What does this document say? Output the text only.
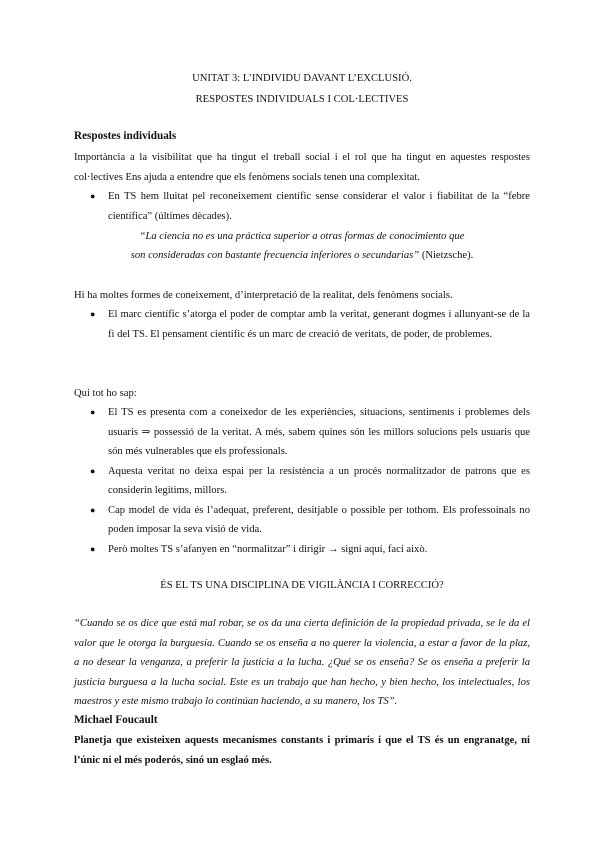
UNITAT 3: L’INDIVIDU DAVANT L’EXCLUSIÓ.

RESPOSTES INDIVIDUALS I COL·LECTIVES

Respostes individuals

Importància a la visibilitat que ha tingut el treball social i el rol que ha tingut en aquestes respostes col·lectives Ens ajuda a entendre que els fenòmens socials tenen una complexitat.

● En TS hem lluitat pel reconeixement científic sense considerar el valor i fiabilitat de la “febre científica” (últimes dècades).

“La ciencia no es una práctica superior a otras formas de conocimiento que

son consideradas con bastante frecuencia inferiores o secundarias” (Nietzsche).

Hi ha moltes formes de coneixement, d’interpretació de la realitat, dels fenòmens socials.

● El marc científic s’atorga el poder de comptar amb la veritat, generant dogmes i allunyant-se de la fi del TS. El pensament científic és un marc de creació de veritats, de poder, de problemes.

Qui tot ho sap:

● El TS es presenta com a coneixedor de les experiències, situacions, sentiments i problemes dels usuaris ⇒ possessió de la veritat. A més, sabem quines són les millors solucions pels usuaris que són més vulnerables que els professionals.
● Aquesta veritat no deixa espai per la resistència a un procés normalitzador de patrons que es considerin legítims, millors.
● Cap model de vida és l’adequat, preferent, desitjable o possible per tothom. Els professoinals no poden imposar la seva visió de vida.
● Però moltes TS s’afanyen en “normalitzar” i dirigir → signi aquí, faci això.

ÉS EL TS UNA DISCIPLINA DE VIGILÀNCIA I CORRECCIÓ?

“Cuando se os dice que está mal robar, se os da una cierta definición de la propiedad privada, se le da el valor que le otorga la burguesía. Cuando se os enseña a no querer la violencia, a estar a favor de la plaz, a no desear la venganza, a preferir la justicia a la lucha. ¿Qué se os enseña? Se os enseña a preferir la justicia burguesa a la lucha social. Este es un trabajo que han hecho, y bien hecho, los intelectuales, los maestros y este mismo trabajo lo continúan haciendo, a su manero, los TS”.

Michael Foucault

Planetja que existeixen aquests mecanismes constants i primaris i que el TS és un engranatge, ni l’únic ni el més poderós, sinó un esglaó més.
